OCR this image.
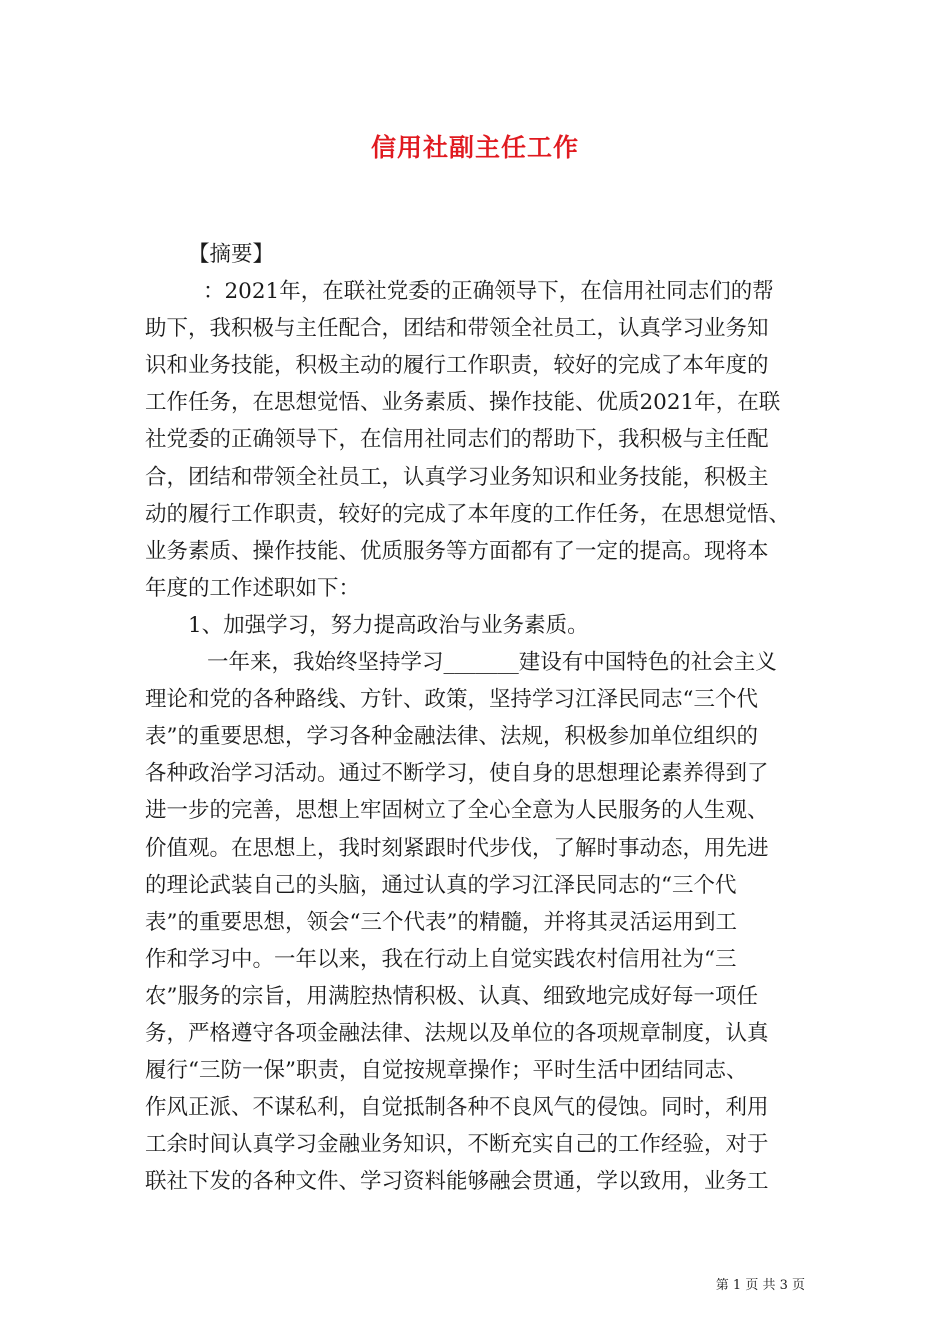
信用社副主任工作
【摘要】
：2021年，在联社党委的正确领导下，在信用社同志们的帮
助下，我积极与主任配合，团结和带领全社员工，认真学习业务知
识和业务技能，积极主动的履行工作职责，较好的完成了本年度的
工作任务，在思想觉悟、业务素质、操作技能、优质2021年，在联
社党委的正确领导下，在信用社同志们的帮助下，我积极与主任配
合，团结和带领全社员工，认真学习业务知识和业务技能，积极主
动的履行工作职责，较好的完成了本年度的工作任务，在思想觉悟、
业务素质、操作技能、优质服务等方面都有了一定的提高。现将本
年度的工作述职如下：
1、加强学习，努力提高政治与业务素质。
一年来，我始终坚持学习_______建设有中国特色的社会主义
理论和党的各种路线、方针、政策，坚持学习江泽民同志“三个代
表”的重要思想，学习各种金融法律、法规，积极参加单位组织的
各种政治学习活动。通过不断学习，使自身的思想理论素养得到了
进一步的完善，思想上牢固树立了全心全意为人民服务的人生观、
价值观。在思想上，我时刻紧跟时代步伐，了解时事动态，用先进
的理论武装自己的头脑，通过认真的学习江泽民同志的“三个代
表”的重要思想，领会“三个代表”的精髓，并将其灵活运用到工
作和学习中。一年以来，我在行动上自觉实践农村信用社为“三
农”服务的宗旨，用满腔热情积极、认真、细致地完成好每一项任
务，严格遵守各项金融法律、法规以及单位的各项规章制度，认真
履行“三防一保”职责，自觉按规章操作；平时生活中团结同志、
作风正派、不谋私利，自觉抵制各种不良风气的侵蚀。同时，利用
工余时间认真学习金融业务知识，不断充实自己的工作经验，对于
联社下发的各种文件、学习资料能够融会贯通，学以致用，业务工
第 1 页 共 3 页
